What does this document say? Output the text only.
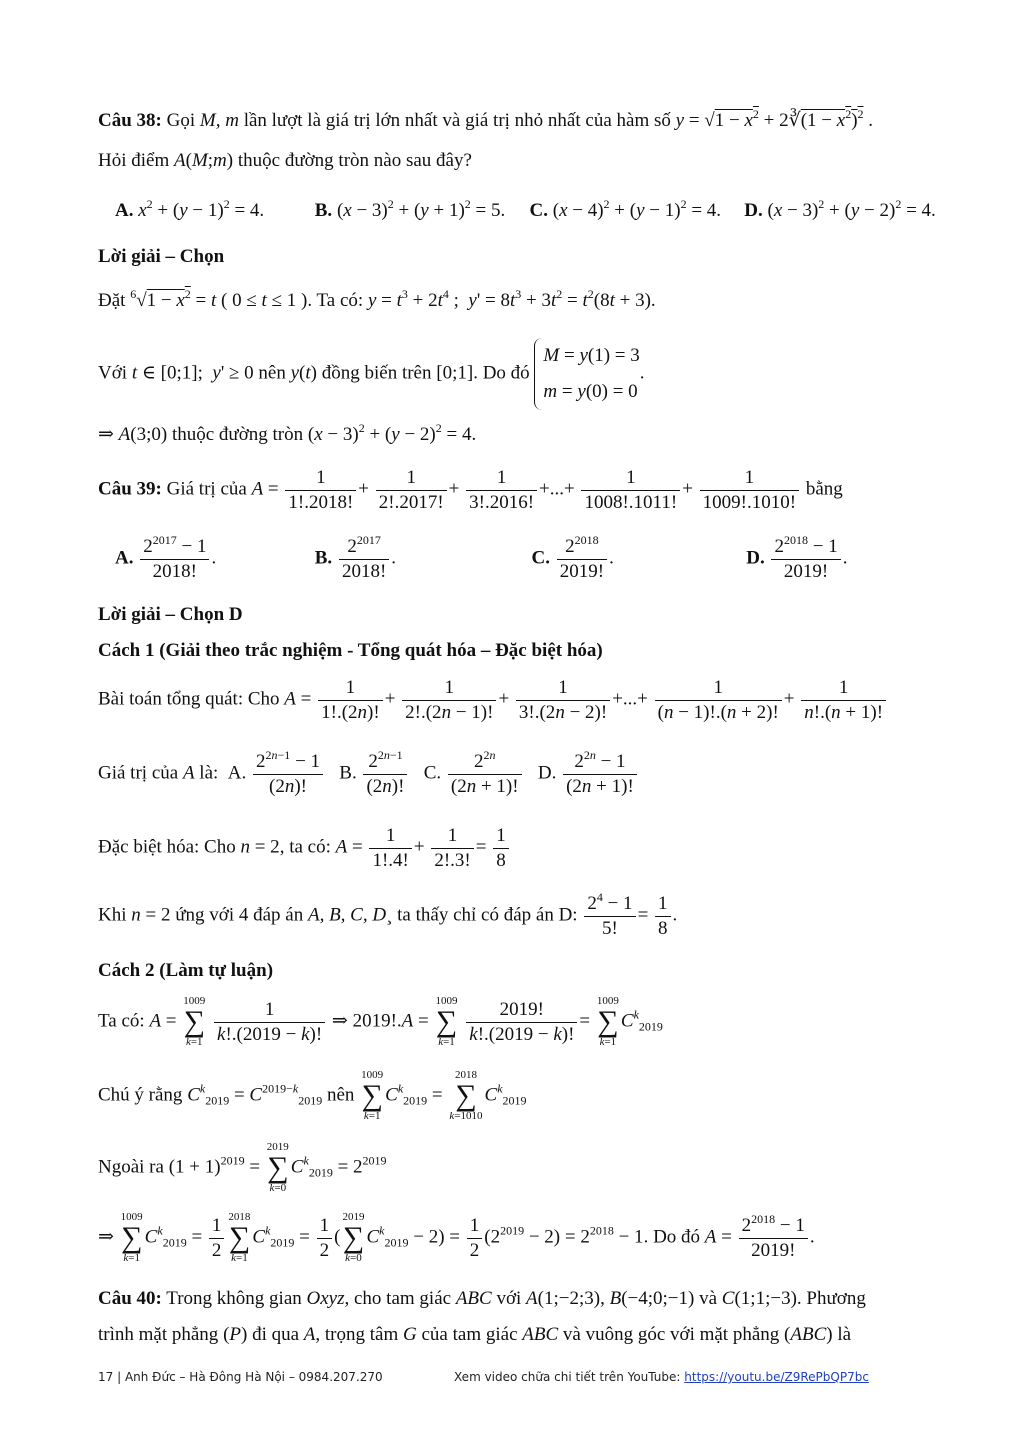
Câu 38: Gọi M, m lần lượt là giá trị lớn nhất và giá trị nhỏ nhất của hàm số $y = √1 - x^2$ + 2∛(1 − $x^2)^2$ .
Hỏi điểm A(M;m) thuộc đường tròn nào sau đây?
A. $x^2 + (y - 1)^2 = 4$.	B. $(x - 3)^2 + (y + 1)^2 = 5$. C. $(x - 4)^2 + (y - 1)^2 = 4$. D. $(x - 3)^2 + (y - 2)^2 = 4$.
Lời giải – Chọn
Đặt $^6√1 - x^2 = t$ ( 0 ≤ t ≤ 1 ). Ta có: $y = t^3 + 2t^4$ ;  $y' = 8t^3 + 3t^2 = t^2(8t + 3)$.
Với t ∈ [0;1];  y' ≥ 0 nên y(t) đồng biến trên [0;1]. Do đó M = y(1) = 3
m = y(0) = 0.
⇒ A(3;0) thuộc đường tròn $(x - 3)^2 + (y - 2)^2 = 4$.
Câu 39: Giá trị của $A = \frac{1}{1!.2018!} + \frac{1}{2!.2017!} + \frac{1}{3!.2016!}$ +...+ $\frac{1}{1008!.1011!} + \frac{1}{1009!.1010!}$ bằng
A. $\frac{2^{2017} - 1}{2018!}$ .	B. $\frac{2^{2017}}{2018!}$ .	C. $\frac{2^{2018}}{2019!}$ .	D. $\frac{2^{2018} - 1}{2019!}$ .
Lời giải – Chọn D
Cách 1 (Giải theo trắc nghiệm - Tổng quát hóa – Đặc biệt hóa)
Bài toán tổng quát: Cho $A = \frac{1}{1!.(2n)!} + \frac{1}{2!.(2n - 1)!} + \frac{1}{3!.(2n - 2)!}$ +...+ $\frac{1}{(n - 1)!.(n + 2)!} + \frac{1}{n!.(n + 1)!}$
Giá trị của A là:  A. $\frac{2^{2n-1} - 1}{(2n)!} B$. $\frac{2^{2n-1}}{(2n)!} C$. $\frac{2^{2n}}{(2n + 1)!} D$. $\frac{2^{2n} - 1}{(2n + 1)!}$
Đặc biệt hóa: Cho n = 2, ta có: $A = \frac{1}{1!.4!} + \frac{1}{2!.3!} = \frac{1}{8}$
Khi n = 2 ứng với 4 đáp án A, B, C, D¸ ta thấy chỉ có đáp án D: $\frac{2^4 - 1}{5!} = \frac{1}{8}$ .
Cách 2 (Làm tự luận)
Ta có: A =
1009
∑
k=1
$\frac{1}{k!.(2019 - k)!}$ ⇒ 2019!.A =
1009
∑
k=1
$\frac{2019!}{k!.(2019 - k)!}$ =
1009
∑
k=1
$C^k_{2019}$
Chú ý rằng $C^k_{2019} = C^{2019-k}_{2019}$ nên
1009
∑
k=1
$C^k_{2019}$ =
2018
∑
k=1010
$C^k_{2019}$
Ngoài ra $(1 + 1)^{2019}$ =
2019
∑
k=0
$C^k_{2019} = 2^{2019}$
⇒
1009
∑
k=1
$C^k_{2019} = \frac{1}{2} 2018$
∑
k=1
$C^k_{2019} = \frac{1}{2}$ (
2019
∑
k=0
$C^k_{2019} - 2) = \frac{1}{2} (2^{2019} - 2) = 2^{2018} - 1$. Do đó $A = \frac{2^{2018} - 1}{2019!}$ .
Câu 40: Trong không gian Oxyz, cho tam giác ABC với A(1;−2;3), B(−4;0;−1) và C(1;1;−3). Phương
trình mặt phẳng (P) đi qua A, trọng tâm G của tam giác ABC và vuông góc với mặt phẳng (ABC) là
17 | Anh Đức – Hà Đông Hà Nội – 0984.207.270	Xem video chữa chi tiết trên YouTube: https://youtu.be/Z9RePbQP7bc
